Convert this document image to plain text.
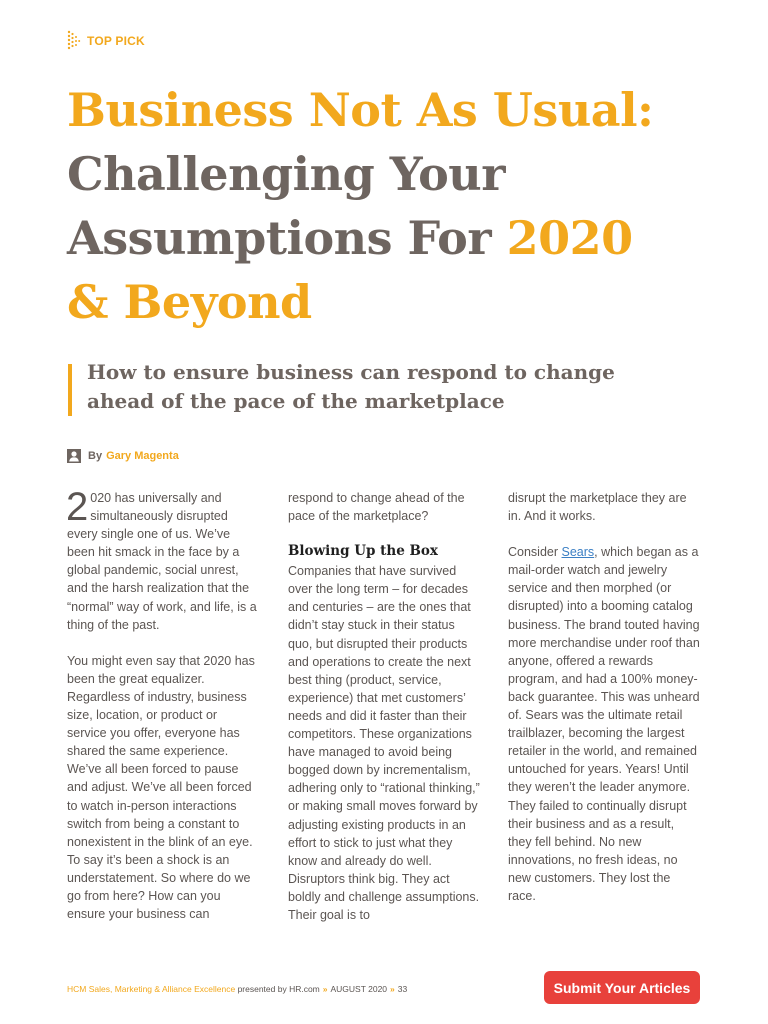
TOP PICK
Business Not As Usual:
Challenging Your Assumptions For 2020
& Beyond
How to ensure business can respond to change ahead of the pace of the marketplace
By Gary Magenta

2 020 has universally and simultaneously disrupted every single one of us. We’ve been hit smack in the face by a global pandemic, social unrest, and the harsh realization that the “normal” way of work, and life, is a thing of the past.

You might even say that 2020 has been the great equalizer. Regardless of industry, business size, location, or product or service you offer, everyone has shared the same experience. We’ve all been forced to pause and adjust. We’ve all been forced to watch in-person interactions switch from being a constant to nonexistent in the blink of an eye. To say it’s been a shock is an understatement. So where do we go from here? How can you ensure your business can

respond to change ahead of the pace of the marketplace?

Blowing Up the Box

Companies that have survived over the long term – for decades and centuries – are the ones that didn’t stay stuck in their status quo, but disrupted their products and operations to create the next best thing (product, service, experience) that met customers’ needs and did it faster than their competitors. These organizations have managed to avoid being bogged down by incrementalism, adhering only to “rational thinking,” or making small moves forward by adjusting existing products in an effort to stick to just what they know and already do well. Disruptors think big. They act boldly and challenge assumptions. Their goal is to

disrupt the marketplace they are in. And it works.

Consider Sears, which began as a mail-order watch and jewelry service and then morphed (or disrupted) into a booming catalog business. The brand touted having more merchandise under roof than anyone, offered a rewards program, and had a 100% money-back guarantee. This was unheard of. Sears was the ultimate retail trailblazer, becoming the largest retailer in the world, and remained untouched for years. Years! Until they weren’t the leader anymore. They failed to continually disrupt their business and as a result, they fell behind. No new innovations, no fresh ideas, no new customers. They lost the race.

HCM Sales, Marketing & Alliance Excellence
presented by HR.com » AUGUST 2020 » 33	Submit Your Articles
